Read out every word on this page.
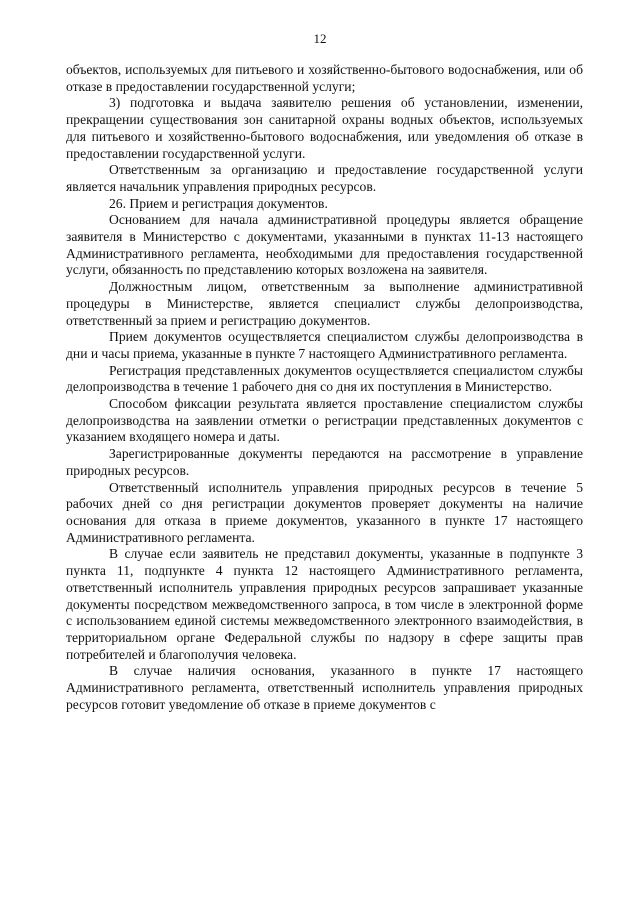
12

объектов, используемых для питьевого и хозяйственно-бытового водоснабжения, или об отказе в предоставлении государственной услуги;

3) подготовка и выдача заявителю решения об установлении, изменении, прекращении существования зон санитарной охраны водных объектов, используемых для питьевого и хозяйственно-бытового водоснабжения, или уведомления об отказе в предоставлении государственной услуги.

Ответственным за организацию и предоставление государственной услуги является начальник управления природных ресурсов.

26. Прием и регистрация документов.

Основанием для начала административной процедуры является обращение заявителя в Министерство с документами, указанными в пунктах 11-13 настоящего Административного регламента, необходимыми для предоставления государственной услуги, обязанность по представлению которых возложена на заявителя.

Должностным лицом, ответственным за выполнение административной процедуры в Министерстве, является специалист службы делопроизводства, ответственный за прием и регистрацию документов.

Прием документов осуществляется специалистом службы делопроизводства в дни и часы приема, указанные в пункте 7 настоящего Административного регламента.

Регистрация представленных документов осуществляется специалистом службы делопроизводства в течение 1 рабочего дня со дня их поступления в Министерство.

Способом фиксации результата является проставление специалистом службы делопроизводства на заявлении отметки о регистрации представленных документов с указанием входящего номера и даты.

Зарегистрированные документы передаются на рассмотрение в управление природных ресурсов.

Ответственный исполнитель управления природных ресурсов в течение 5 рабочих дней со дня регистрации документов проверяет документы на наличие основания для отказа в приеме документов, указанного в пункте 17 настоящего Административного регламента.

В случае если заявитель не представил документы, указанные в подпункте 3 пункта 11, подпункте 4 пункта 12 настоящего Административного регламента, ответственный исполнитель управления природных ресурсов запрашивает указанные документы посредством межведомственного запроса, в том числе в электронной форме с использованием единой системы межведомственного электронного взаимодействия, в территориальном органе Федеральной службы по надзору в сфере защиты прав потребителей и благополучия человека.

В случае наличия основания, указанного в пункте 17 настоящего Административного регламента, ответственный исполнитель управления природных ресурсов готовит уведомление об отказе в приеме документов с
